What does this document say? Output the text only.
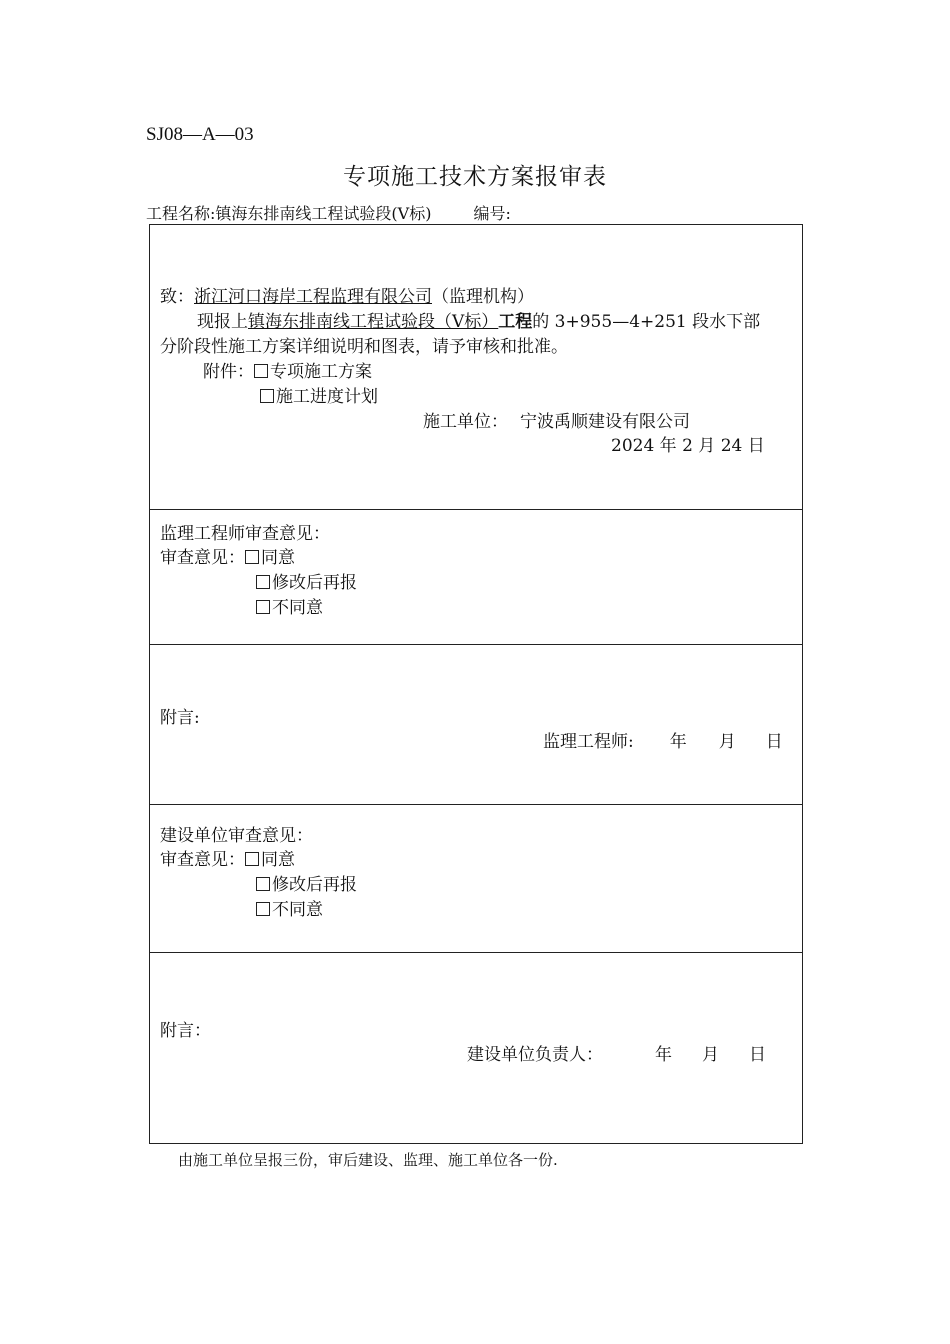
SJ08—A—03
专项施工技术方案报审表
工程名称:镇海东排南线工程试验段(Ⅴ标)	编号:
致：浙江河口海岸工程监理有限公司（监理机构）
现报上镇海东排南线工程试验段（Ⅴ标）工程的 3+955—4+251 段水下部
分阶段性施工方案详细说明和图表，请予审核和批准。
附件： 专项施工方案
施工进度计划
施工单位： 宁波禹顺建设有限公司
2024 年 2 月 24 日
监理工程师审查意见：
审查意见： 同意
修改后再报
不同意
附言:
监理工程师: 年 月 日
建设单位审查意见：
审查意见： 同意
修改后再报
不同意
附言：
建设单位负责人：	年 月 日
由施工单位呈报三份，审后建设、监理、施工单位各一份.
